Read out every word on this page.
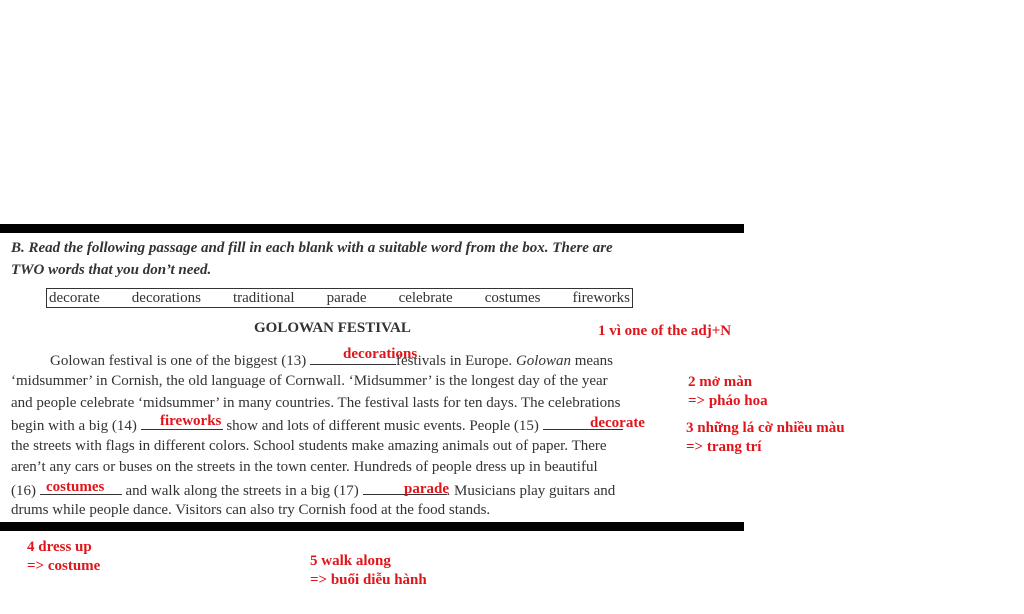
B. Read the following passage and fill in each blank with a suitable word from the box. There are
TWO words that you don’t need.
decorate decorations traditional parade celebrate costumes fireworks
GOLOWAN FESTIVAL
Golowan festival is one of the biggest (13)	festivals in Europe. Golowan means
‘midsummer’ in Cornish, the old language of Cornwall. ‘Midsummer’ is the longest day of the year
and people celebrate ‘midsummer’ in many countries. The festival lasts for ten days. The celebrations
begin with a big (14)	show and lots of different music events. People (15)
the streets with flags in different colors. School students make amazing animals out of paper. There
aren’t any cars or buses on the streets in the town center. Hundreds of people dress up in beautiful
(16)	and walk along the streets in a big (17)	. Musicians play guitars and
drums while people dance. Visitors can also try Cornish food at the food stands.
decorations
fireworks	decorate
costumes	parade
1 vì one of the adj+N
2 mở màn
=> pháo hoa
3 những lá cờ nhiều màu
=> trang trí
4 dress up
=> costume	5 walk along
=> buổi diễu hành
